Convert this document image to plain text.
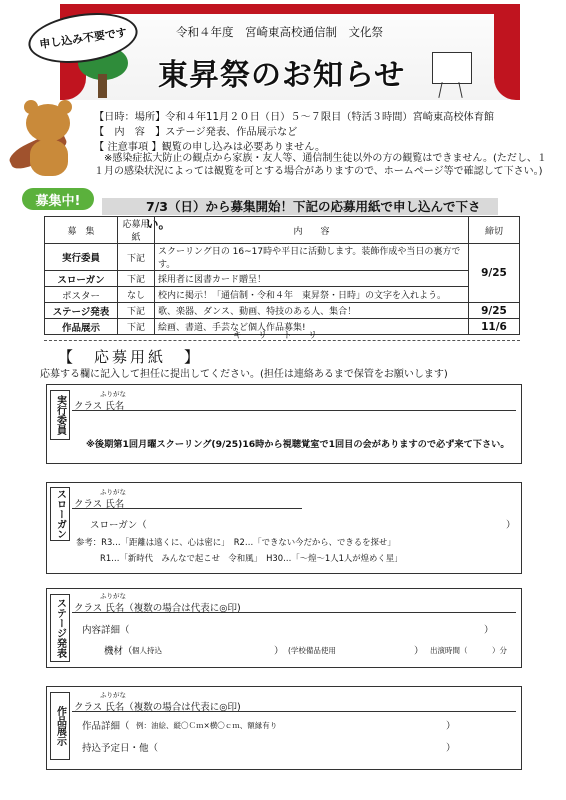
申し込み不要です	令和４年度　宮崎東高校通信制　文化祭
東昇祭のお知らせ
募集中!
【日時：場所】令和４年11月２０日（日）５～７限目（特活３時間）宮崎東高校体育館
【　内　容　】ステージ発表、作品展示など
【 注意事項 】観覧の申し込みは必要ありません。
　※感染症拡大防止の観点から家族・友人等、通信制生徒以外の方の観覧はできません。(ただし、１１月の感染状況によっては観覧を可とする場合がありますので、ホームページ等で確認して下さい。)
7/3（日）から募集開始！下記の応募用紙で申し込んで下さい。
募　集	応募用紙	内　　容	締切
実行委員	下記	スクーリング日の 16~17時や平日に活動します。装飾作成や当日の裏方です。	9/25
スローガン	下記	採用者に図書カード贈呈！	
ポスター	なし	校内に掲示！「通信制・令和４年　東昇祭・日時」の文字を入れよう。	
ステージ発表	下記	歌、楽器、ダンス、動画、特技のある人、集合！	9/25
作品展示	下記	絵画、書道、手芸など個人作品募集!	11/6
キリトリ
【　応募用紙　】
応募する欄に記入して担任に提出してください。(担任は連絡あるまで保管をお願いします)
実行委員
ふりがな
クラス 氏名
※後期第1回月曜スクーリング(9/25)16時から視聴覚室で1回目の会がありますので必ず来て下さい。
スローガン	ふりがな
クラス 氏名
スローガン（	）
参考：R3…「距離は遠くに、心は密に」　R2…「できない今だから、できるを探せ」
R1…「新時代　みんなで起こせ　令和風」　H30…「～煌～1人1人が煌めく星」
ステージ発表
ふりがな
クラス 氏名（複数の場合は代表に◎印)
内容詳細（	）
機材（ 個人持込	） (学校備品使用	） 出演時間（	）分
作品展示
ふりがな
クラス 氏名（複数の場合は代表に◎印)
作品詳細（ 例：油絵、縦〇Ｃｍ×横〇ｃｍ、額縁有り	）
持込予定日・他（	）
